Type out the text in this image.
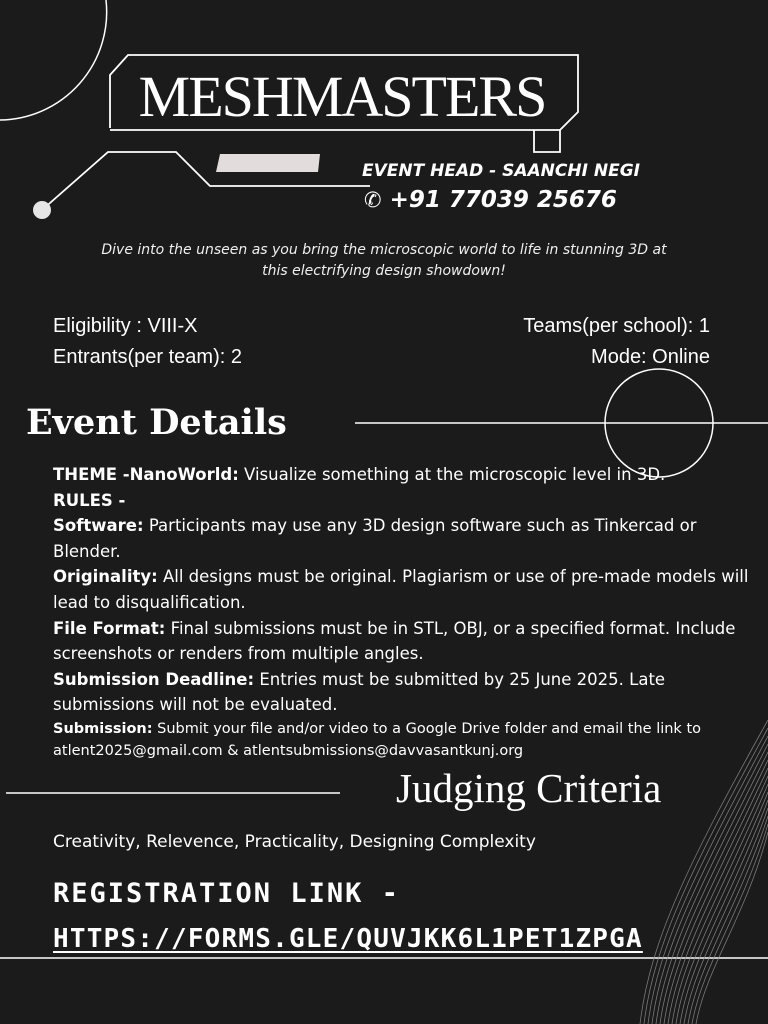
MESHMASTERS
EVENT HEAD - SAANCHI NEGI
✆ +91 77039 25676
Dive into the unseen as you bring the microscopic world to life in stunning 3D at this electrifying design showdown!
Eligibility : VIII-X	Teams(per school): 1
Entrants(per team): 2	Mode: Online
Event Details

THEME -NanoWorld: Visualize something at the microscopic level in 3D.

RULES -

Software: Participants may use any 3D design software such as Tinkercad or Blender.

Originality: All designs must be original. Plagiarism or use of pre-made models will lead to disqualification.

File Format: Final submissions must be in STL, OBJ, or a specified format. Include screenshots or renders from multiple angles.

Submission Deadline: Entries must be submitted by 25 June 2025. Late submissions will not be evaluated.

Submission: Submit your file and/or video to a Google Drive folder and email the link to atlent2025@gmail.com & atlentsubmissions@davvasantkunj.org

Judging Criteria
Creativity, Relevence, Practicality, Designing Complexity
REGISTRATION LINK -
HTTPS://FORMS.GLE/QUVJKK6L1PET1ZPGA
